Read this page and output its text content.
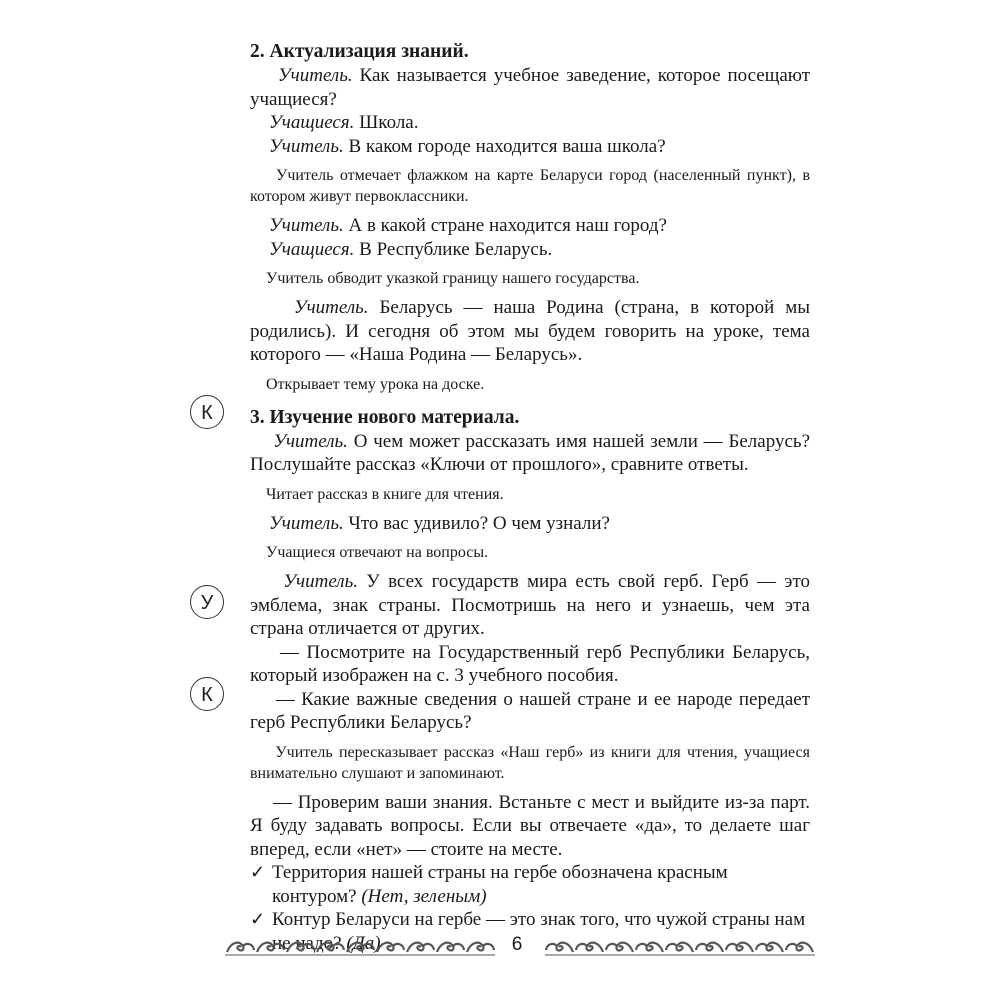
К
У
К
2. Актуализация знаний.

Учитель. Как называется учебное заведение, которое посещают учащиеся?

Учащиеся. Школа.

Учитель. В каком городе находится ваша школа?

Учитель отмечает флажком на карте Беларуси город (населенный пункт), в котором живут первоклассники.

Учитель. А в какой стране находится наш город?

Учащиеся. В Республике Беларусь.

Учитель обводит указкой границу нашего государства.

Учитель. Беларусь — наша Родина (страна, в которой мы родились). И сегодня об этом мы будем говорить на уроке, тема которого — «Наша Родина — Беларусь».

Открывает тему урока на доске.

3. Изучение нового материала.

Учитель. О чем может рассказать имя нашей земли — Беларусь? Послушайте рассказ «Ключи от прошлого», сравните ответы.

Читает рассказ в книге для чтения.

Учитель. Что вас удивило? О чем узнали?

Учащиеся отвечают на вопросы.

Учитель. У всех государств мира есть свой герб. Герб — это эмблема, знак страны. Посмотришь на него и узнаешь, чем эта страна отличается от других.

— Посмотрите на Государственный герб Республики Беларусь, который изображен на с. 3 учебного пособия.

— Какие важные сведения о нашей стране и ее народе передает герб Республики Беларусь?

Учитель пересказывает рассказ «Наш герб» из книги для чтения, учащиеся внимательно слушают и запоминают.

— Проверим ваши знания. Встаньте с мест и выйдите из-за парт. Я буду задавать вопросы. Если вы отвечаете «да», то делаете шаг вперед, если «нет» — стоите на месте.

✓ Территория нашей страны на гербе обозначена красным контуром? (Нет, зеленым)
✓ Контур Беларуси на гербе — это знак того, что чужой страны нам
6
